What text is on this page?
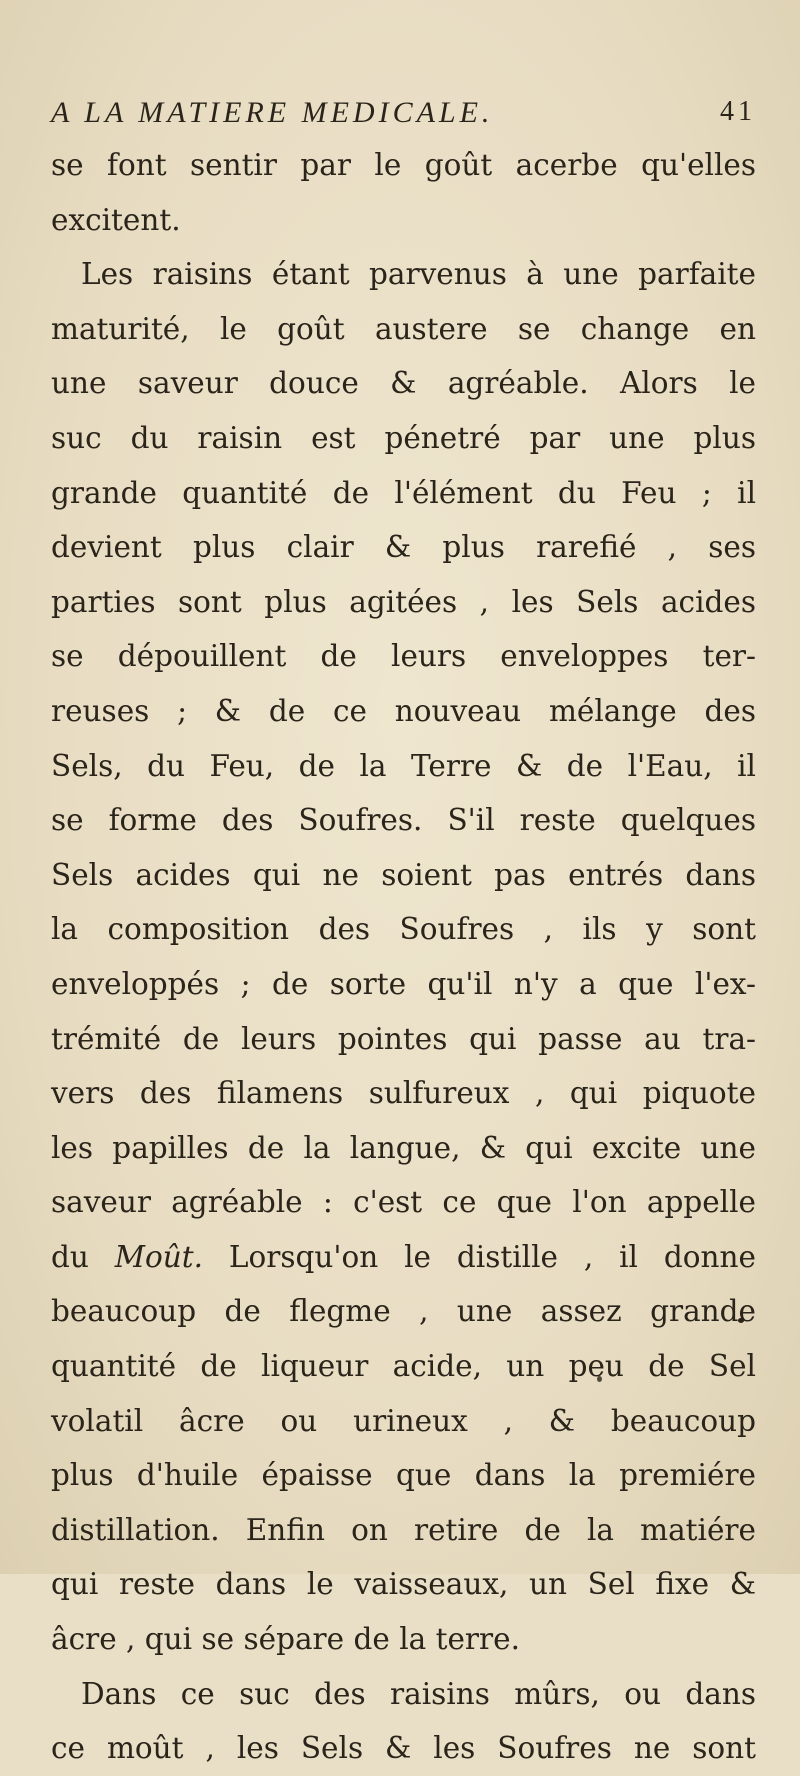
A LA MATIERE MEDICALE.	41
se font sentir par le goût acerbe qu'elles
excitent.
Les raisins étant parvenus à une parfaite
maturité, le goût austere se change en
une saveur douce & agréable. Alors le
suc du raisin est pénetré par une plus
grande quantité de l'élément du Feu ; il
devient plus clair & plus rarefié , ses
parties sont plus agitées , les Sels acides
se dépouillent de leurs enveloppes ter-
reuses ; & de ce nouveau mélange des
Sels, du Feu, de la Terre & de l'Eau, il
se forme des Soufres. S'il reste quelques
Sels acides qui ne soient pas entrés dans
la composition des Soufres , ils y sont
enveloppés ; de sorte qu'il n'y a que l'ex-
trémité de leurs pointes qui passe au tra-
vers des filamens sulfureux , qui piquote
les papilles de la langue, & qui excite une
saveur agréable : c'est ce que l'on appelle
du Moût. Lorsqu'on le distille , il donne
beaucoup de flegme , une assez grande
quantité de liqueur acide, un peu de Sel
volatil âcre ou urineux , & beaucoup
plus d'huile épaisse que dans la premiére
distillation. Enfin on retire de la matiére
qui reste dans le vaisseaux, un Sel fixe &
âcre , qui se sépare de la terre.
Dans ce suc des raisins mûrs, ou dans
ce moût , les Sels & les Soufres ne sont
